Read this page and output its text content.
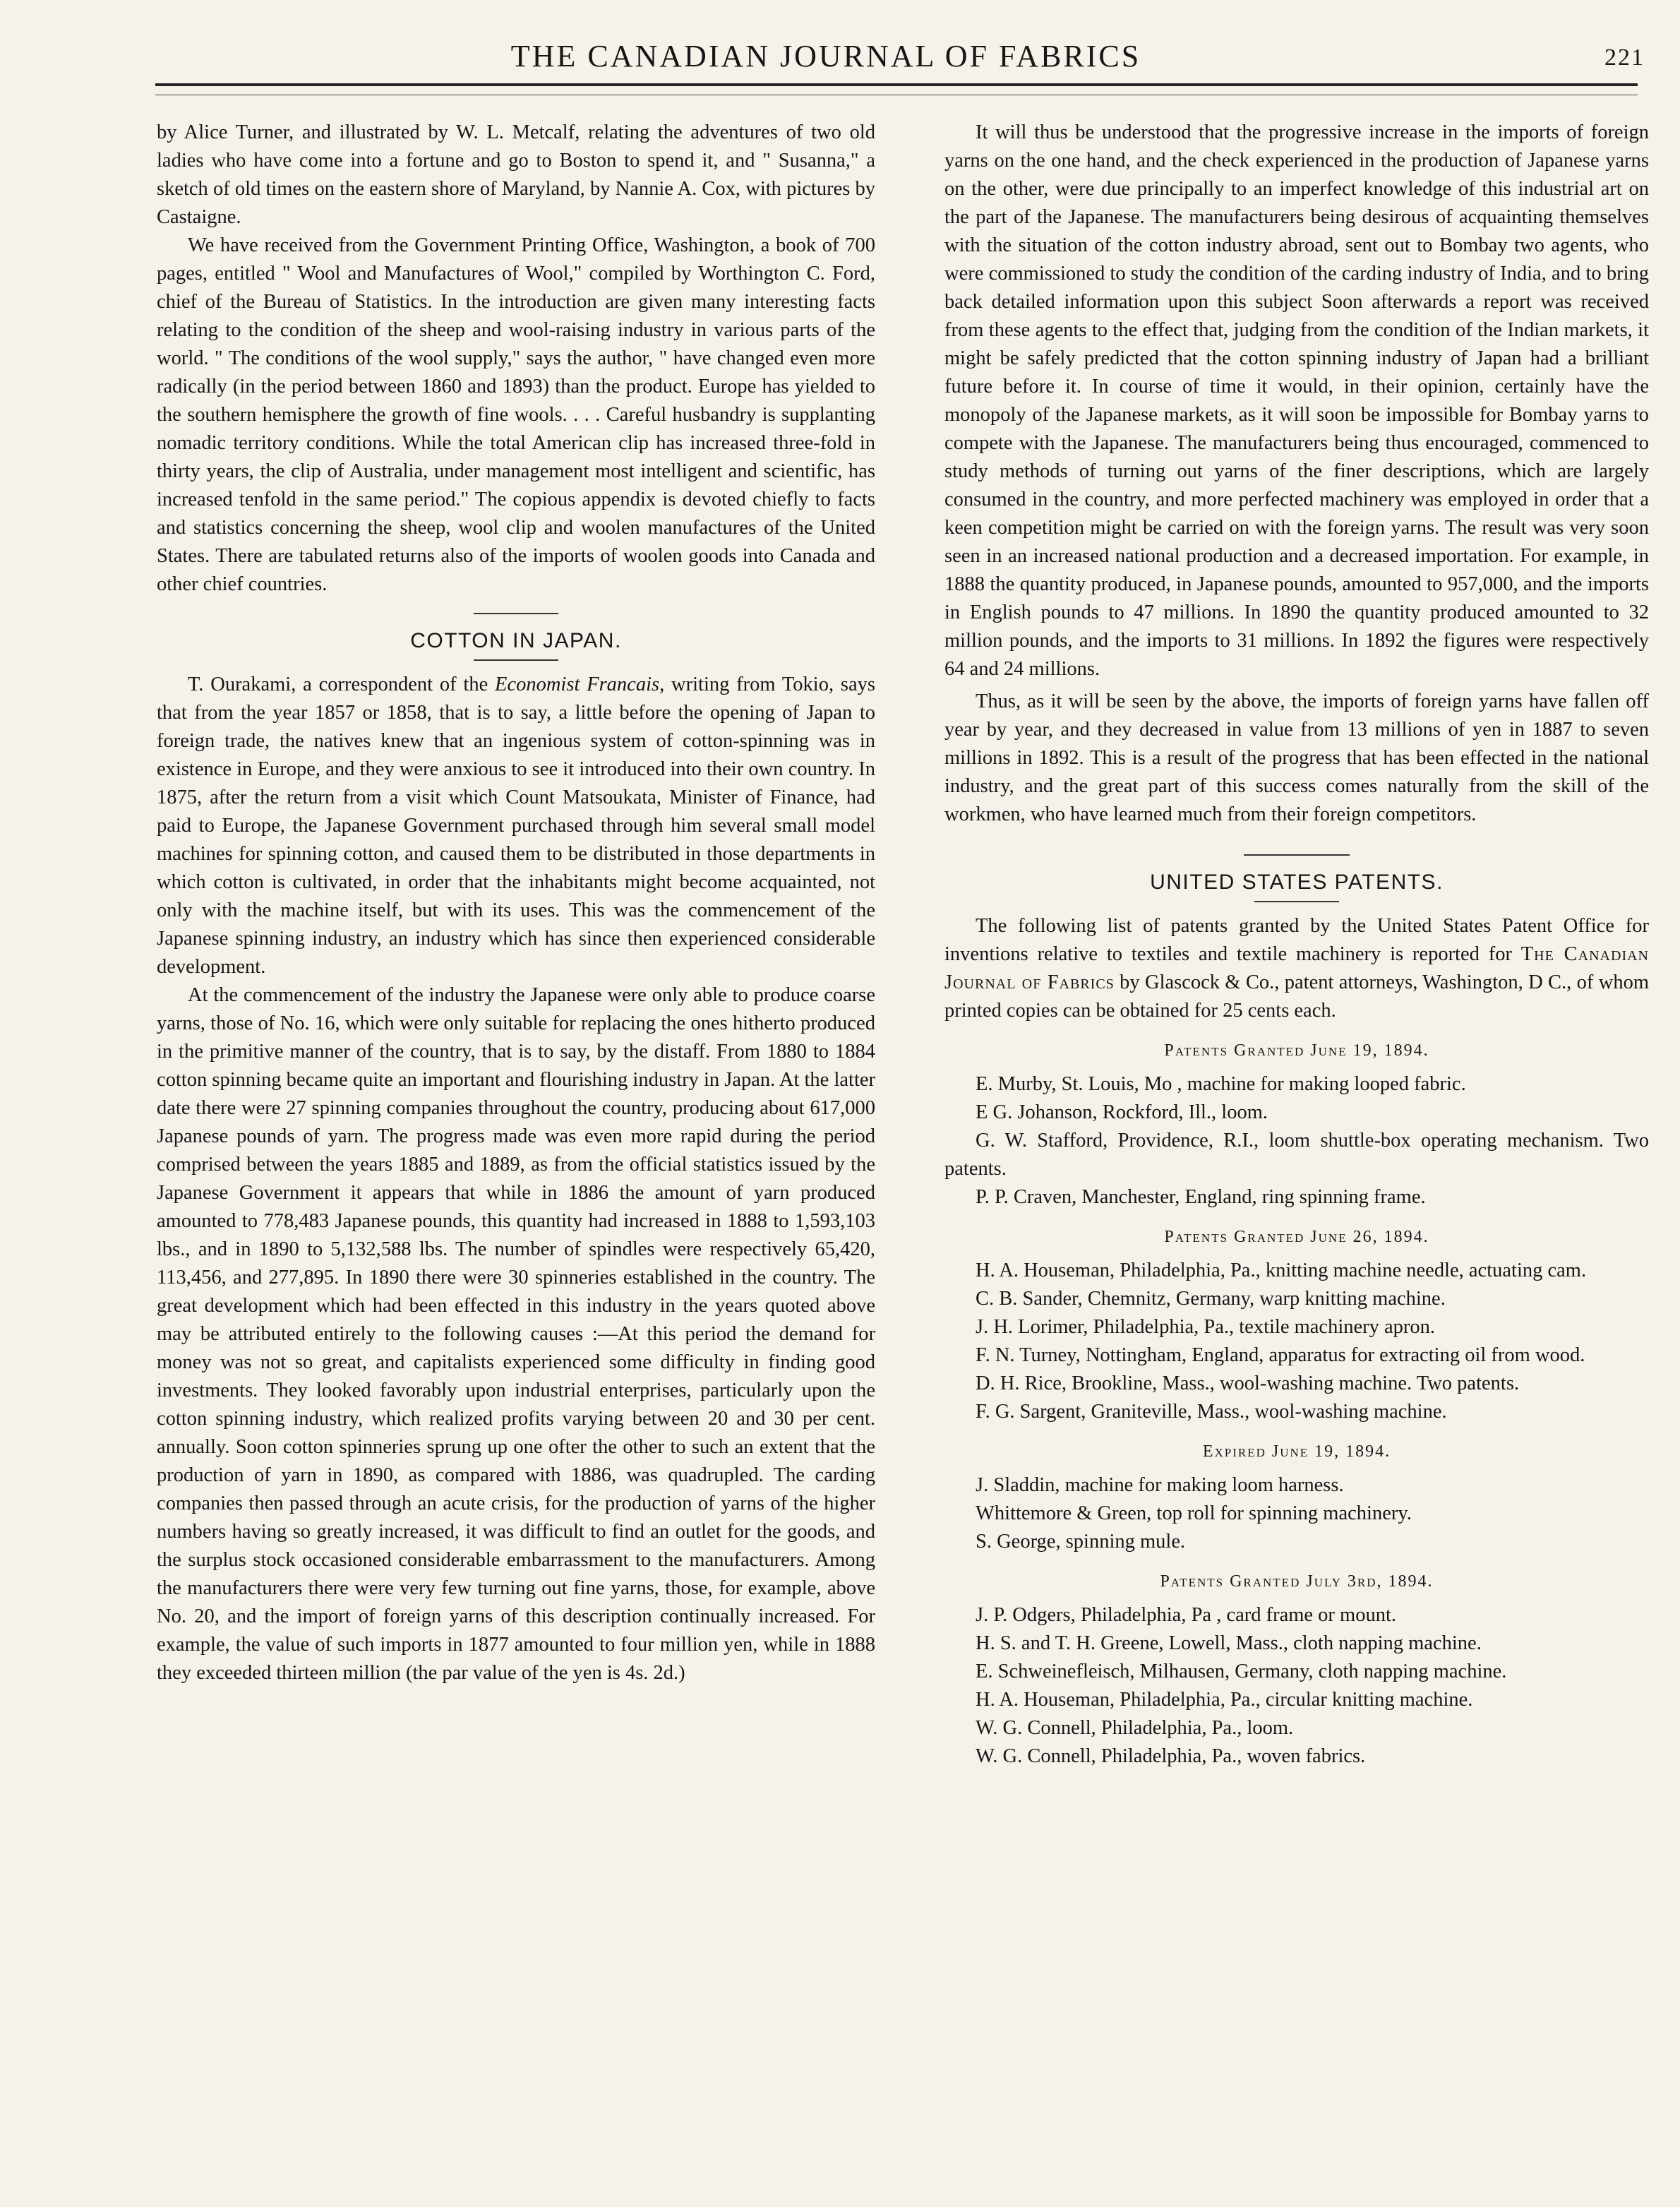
THE CANADIAN JOURNAL OF FABRICS	221

by Alice Turner, and illustrated by W. L. Metcalf, relating the adventures of two old ladies who have come into a fortune and go to Boston to spend it, and " Susanna," a sketch of old times on the eastern shore of Maryland, by Nannie A. Cox, with pictures by Castaigne.

We have received from the Government Printing Office, Washington, a book of 700 pages, entitled " Wool and Manufactures of Wool," compiled by Worthington C. Ford, chief of the Bureau of Statistics. In the introduction are given many interesting facts relating to the condition of the sheep and wool-raising industry in various parts of the world. " The conditions of the wool supply," says the author, " have changed even more radically (in the period between 1860 and 1893) than the product. Europe has yielded to the southern hemisphere the growth of fine wools. . . . Careful husbandry is supplanting nomadic territory conditions. While the total American clip has increased three-fold in thirty years, the clip of Australia, under management most intelligent and scientific, has increased tenfold in the same period." The copious appendix is devoted chiefly to facts and statistics concerning the sheep, wool clip and woolen manufactures of the United States. There are tabulated returns also of the imports of woolen goods into Canada and other chief countries.

COTTON IN JAPAN.

T. Ourakami, a correspondent of the Economist Francais, writing from Tokio, says that from the year 1857 or 1858, that is to say, a little before the opening of Japan to foreign trade, the natives knew that an ingenious system of cotton-spinning was in existence in Europe, and they were anxious to see it introduced into their own country. In 1875, after the return from a visit which Count Matsoukata, Minister of Finance, had paid to Europe, the Japanese Government purchased through him several small model machines for spinning cotton, and caused them to be distributed in those departments in which cotton is cultivated, in order that the inhabitants might become acquainted, not only with the machine itself, but with its uses. This was the commencement of the Japanese spinning industry, an industry which has since then experienced considerable development.

At the commencement of the industry the Japanese were only able to produce coarse yarns, those of No. 16, which were only suitable for replacing the ones hitherto produced in the primitive manner of the country, that is to say, by the distaff. From 1880 to 1884 cotton spinning became quite an important and flourishing industry in Japan. At the latter date there were 27 spinning companies throughout the country, producing about 617,000 Japanese pounds of yarn. The progress made was even more rapid during the period comprised between the years 1885 and 1889, as from the official statistics issued by the Japanese Government it appears that while in 1886 the amount of yarn produced amounted to 778,483 Japanese pounds, this quantity had increased in 1888 to 1,593,103 lbs., and in 1890 to 5,132,588 lbs. The number of spindles were respectively 65,420, 113,456, and 277,895. In 1890 there were 30 spinneries established in the country. The great development which had been effected in this industry in the years quoted above may be attributed entirely to the following causes :—At this period the demand for money was not so great, and capitalists experienced some difficulty in finding good investments. They looked favorably upon industrial enterprises, particularly upon the cotton spinning industry, which realized profits varying between 20 and 30 per cent. annually. Soon cotton spinneries sprung up one ofter the other to such an extent that the production of yarn in 1890, as compared with 1886, was quadrupled. The carding companies then passed through an acute crisis, for the production of yarns of the higher numbers having so greatly increased, it was difficult to find an outlet for the goods, and the surplus stock occasioned considerable embarrassment to the manufacturers. Among the manufacturers there were very few turning out fine yarns, those, for example, above No. 20, and the import of foreign yarns of this description continually increased. For example, the value of such imports in 1877 amounted to four million yen, while in 1888 they exceeded thirteen million (the par value of the yen is 4s. 2d.)

It will thus be understood that the progressive increase in the imports of foreign yarns on the one hand, and the check experienced in the production of Japanese yarns on the other, were due principally to an imperfect knowledge of this industrial art on the part of the Japanese. The manufacturers being desirous of acquainting themselves with the situation of the cotton industry abroad, sent out to Bombay two agents, who were commissioned to study the condition of the carding industry of India, and to bring back detailed information upon this subject Soon afterwards a report was received from these agents to the effect that, judging from the condition of the Indian markets, it might be safely predicted that the cotton spinning industry of Japan had a brilliant future before it. In course of time it would, in their opinion, certainly have the monopoly of the Japanese markets, as it will soon be impossible for Bombay yarns to compete with the Japanese. The manufacturers being thus encouraged, commenced to study methods of turning out yarns of the finer descriptions, which are largely consumed in the country, and more perfected machinery was employed in order that a keen competition might be carried on with the foreign yarns. The result was very soon seen in an increased national production and a decreased importation. For example, in 1888 the quantity produced, in Japanese pounds, amounted to 957,000, and the imports in English pounds to 47 millions. In 1890 the quantity produced amounted to 32 million pounds, and the imports to 31 millions. In 1892 the figures were respectively 64 and 24 millions.

Thus, as it will be seen by the above, the imports of foreign yarns have fallen off year by year, and they decreased in value from 13 millions of yen in 1887 to seven millions in 1892. This is a result of the progress that has been effected in the national industry, and the great part of this success comes naturally from the skill of the workmen, who have learned much from their foreign competitors.

UNITED STATES PATENTS.

The following list of patents granted by the United States Patent Office for inventions relative to textiles and textile machinery is reported for The Canadian Journal of Fabrics by Glascock & Co., patent attorneys, Washington, D C., of whom printed copies can be obtained for 25 cents each.

Patents Granted June 19, 1894.
E. Murby, St. Louis, Mo , machine for making looped fabric.
E G. Johanson, Rockford, Ill., loom.
G. W. Stafford, Providence, R.I., loom shuttle-box operating mechanism. Two patents.
P. P. Craven, Manchester, England, ring spinning frame.
Patents Granted June 26, 1894.
H. A. Houseman, Philadelphia, Pa., knitting machine needle, actuating cam.
C. B. Sander, Chemnitz, Germany, warp knitting machine.
J. H. Lorimer, Philadelphia, Pa., textile machinery apron.
F. N. Turney, Nottingham, England, apparatus for extracting oil from wood.
D. H. Rice, Brookline, Mass., wool-washing machine. Two patents.
F. G. Sargent, Graniteville, Mass., wool-washing machine.
Expired June 19, 1894.
J. Sladdin, machine for making loom harness.
Whittemore & Green, top roll for spinning machinery.
S. George, spinning mule.
Patents Granted July 3rd, 1894.
J. P. Odgers, Philadelphia, Pa , card frame or mount.
H. S. and T. H. Greene, Lowell, Mass., cloth napping machine.
E. Schweinefleisch, Milhausen, Germany, cloth napping machine.
H. A. Houseman, Philadelphia, Pa., circular knitting machine.
W. G. Connell, Philadelphia, Pa., loom.
W. G. Connell, Philadelphia, Pa., woven fabrics.
